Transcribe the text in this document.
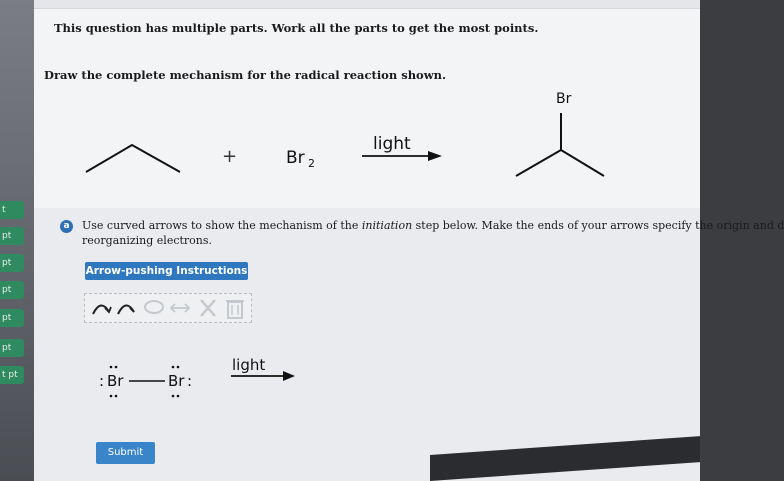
t
pt
pt
pt
pt
pt
t pt
This question has multiple parts. Work all the parts to get the most points.
Draw the complete mechanism for the radical reaction shown.
+	Br 2
light
Br
a	Use curved arrows to show the mechanism of the initiation step below. Make the ends of your arrows specify the origin and d
reorganizing electrons.
Arrow-pushing Instructions
: Br	Br :
light
Submit
